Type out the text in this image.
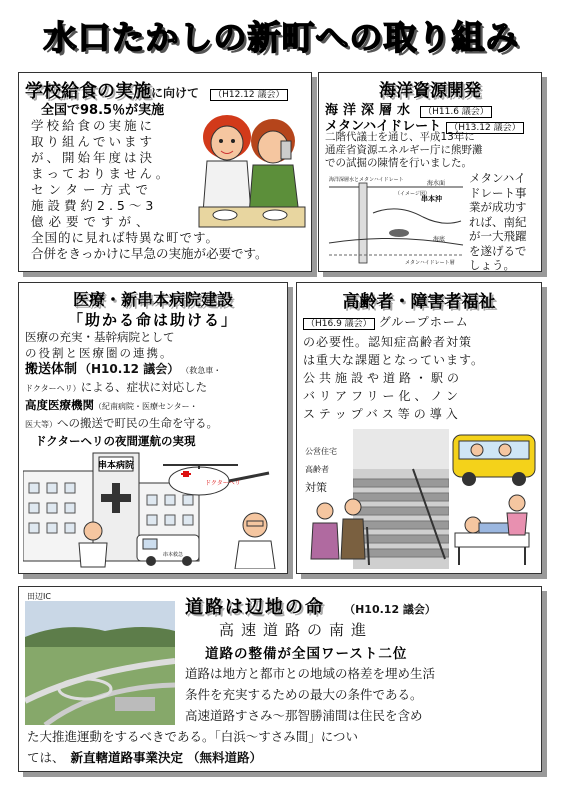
水口たかしの新町への取り組み
学校給食の実施に向けて （H12.12 議会）
全国で98.5％が実施
学校給食の実施に
取り組んでいます
が、開始年度は決
まっておりません。
センター方式で
施設費約2.5～3
億必要ですが、
全国的に見れば特異な町です。
合併をきっかけに早急の実施が必要です。
海洋資源開発
海洋深層水 （H11.6 議会）
メタンハイドレート （H13.12 議会）
二階代議士を通じ、平成13年に
通産省資源エネルギー庁に熊野灘
での試掘の陳情を行いました。
海洋深層水とメタンハイドレート	海水面
串本沖
（イメージ図）
海底
メタンハイドレート層
メタンハイ
ドレート事
業が成功す
れば、南紀
が一大飛躍
を遂げるで
しょう。
医療・新串本病院建設
「助かる命は助ける」
医療の充実・基幹病院として
の役割と医療圏の連携。
搬送体制 （H10.12 議会） （救急車・
ドクターヘリ）による、症状に対応した
高度医療機関（紀南病院・医療センター・
医大等）への搬送で町民の生命を守る。
ドクターヘリの夜間運航の実現
串本病院
ドクターヘリ
串本救急
高齢者・障害者福祉
（H16.9 議会） グループホーム
の必要性。認知症高齢者対策
は重大な課題となっています。
公共施設や道路・駅の
バリアフリー化、ノン
ステップバス等の導入
公営住宅
高齢者
対策
田辺IC
道路は辺地の命 （H10.12 議会）
高速道路の南進
道路の整備が全国ワースト二位
道路は地方と都市との地域の格差を埋め生活
条件を充実するための最大の条件である。
高速道路すさみ～那智勝浦間は住民を含め
た大推進運動をするべきである。「白浜～すさみ間」につい
ては、 新直轄道路事業決定 （無料道路）
